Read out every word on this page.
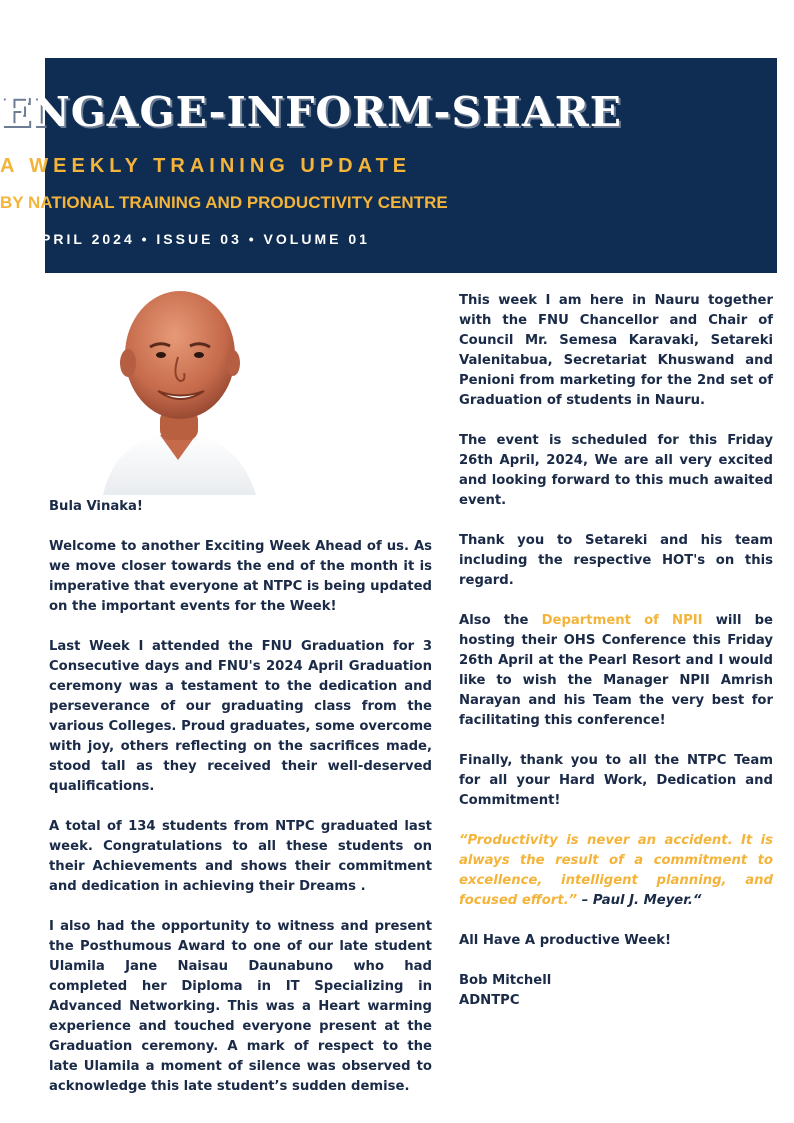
ENGAGE-INFORM-SHARE
A WEEKLY TRAINING UPDATE
BY NATIONAL TRAINING AND PRODUCTIVITY CENTRE
22 APRIL 2024 • ISSUE 03 • VOLUME 01

Bula Vinaka!

Welcome to another Exciting Week Ahead of us. As we move closer towards the end of the month it is imperative that everyone at NTPC is being updated on the important events for the Week!

Last Week I attended the FNU Graduation for 3 Consecutive days and FNU's 2024 April Graduation ceremony was a testament to the dedication and perseverance of our graduating class from the various Colleges. Proud graduates, some overcome with joy, others reflecting on the sacrifices made, stood tall as they received their well-deserved qualifications.

A total of 134 students from NTPC graduated last week. Congratulations to all these students on their Achievements and shows their commitment and dedication in achieving their Dreams .

I also had the opportunity to witness and present the Posthumous Award to one of our late student Ulamila Jane Naisau Daunabuno who had completed her Diploma in IT Specializing in Advanced Networking. This was a Heart warming experience and touched everyone present at the Graduation ceremony. A mark of respect to the late Ulamila a moment of silence was observed to acknowledge this late student’s sudden demise.

This week I am here in Nauru together with the FNU Chancellor and Chair of Council Mr. Semesa Karavaki, Setareki Valenitabua, Secretariat Khuswand and Penioni from marketing for the 2nd set of Graduation of students in Nauru.

The event is scheduled for this Friday 26th April, 2024, We are all very excited and looking forward to this much awaited event.

Thank you to Setareki and his team including the respective HOT's on this regard.

Also the Department of NPII will be hosting their OHS Conference this Friday 26th April at the Pearl Resort and I would like to wish the Manager NPII Amrish Narayan and his Team the very best for facilitating this conference!

Finally, thank you to all the NTPC Team for all your Hard Work, Dedication and Commitment!

“Productivity is never an accident. It is always the result of a commitment to excellence, intelligent planning, and focused effort.” – Paul J. Meyer.“

All Have A productive Week!

Bob Mitchell
ADNTPC
